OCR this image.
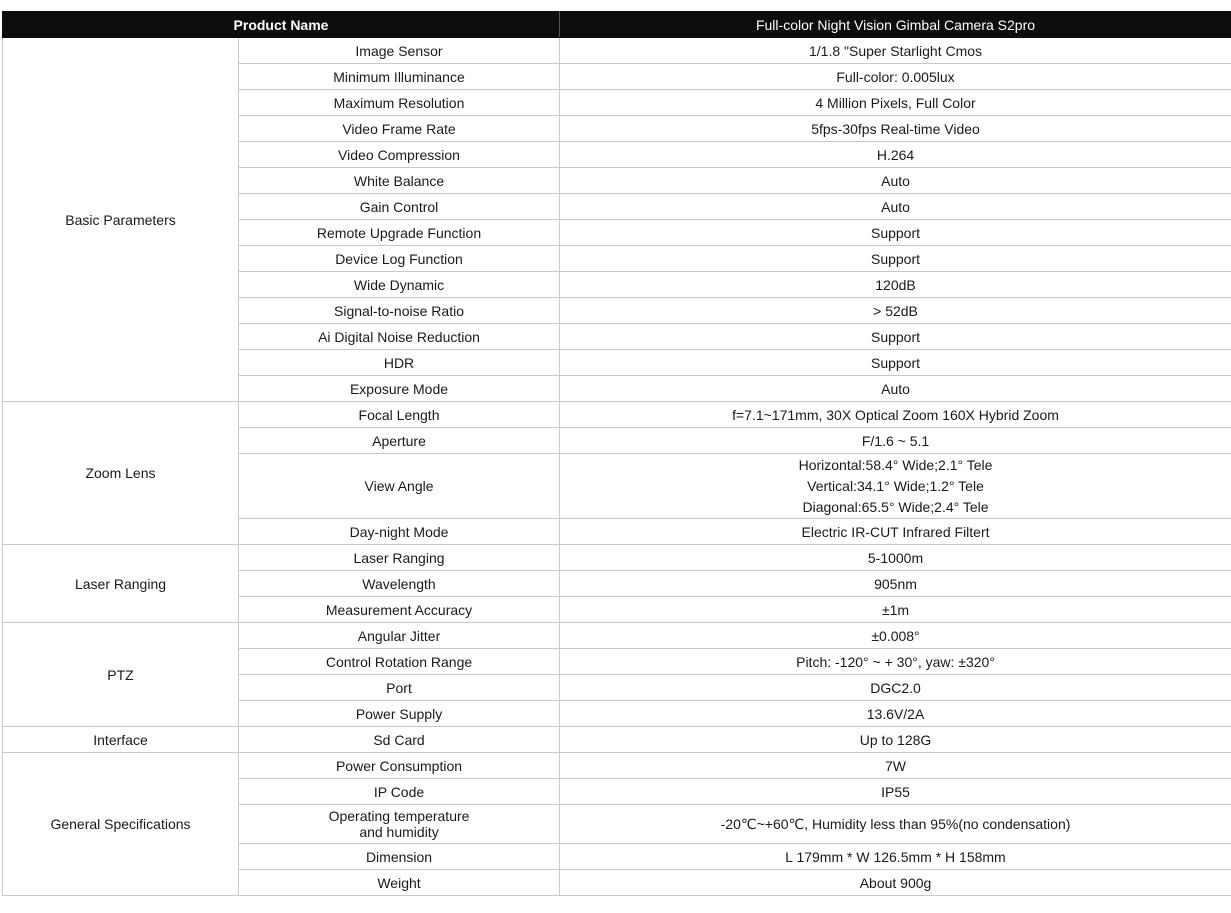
Product Name		Full-color Night Vision Gimbal Camera S2pro
Basic Parameters	Image Sensor	1/1.8 "Super Starlight Cmos
	Minimum Illuminance	Full-color: 0.005lux
	Maximum Resolution	4 Million Pixels, Full Color
	Video Frame Rate	5fps-30fps Real-time Video
	Video Compression	H.264
	White Balance	Auto
	Gain Control	Auto
	Remote Upgrade Function	Support
	Device Log Function	Support
	Wide Dynamic	120dB
	Signal-to-noise Ratio	> 52dB
	Ai Digital Noise Reduction	Support
	HDR	Support
	Exposure Mode	Auto
Zoom Lens	Focal Length	f=7.1~171mm, 30X Optical Zoom 160X Hybrid Zoom
	Aperture	F/1.6 ~ 5.1
	View Angle	Horizontal:58.4° Wide;2.1° Tele
Vertical:34.1° Wide;1.2° Tele
Diagonal:65.5° Wide;2.4° Tele

	Day-night Mode	Electric IR-CUT Infrared Filtert
Laser Ranging	Laser Ranging	5-1000m
	Wavelength	905nm
	Measurement Accuracy	±1m
PTZ	Angular Jitter	±0.008°
	Control Rotation Range	Pitch: -120° ~ + 30°, yaw: ±320°
	Port	DGC2.0
	Power Supply	13.6V/2A
Interface	Sd Card	Up to 128G
General Specifications	Power Consumption	7W
	IP Code	IP55

	Operating temperature
and humidity	-20℃~+60℃, Humidity less than 95%(no condensation)
	Dimension	L 179mm * W 126.5mm * H 158mm
	Weight	About 900g
